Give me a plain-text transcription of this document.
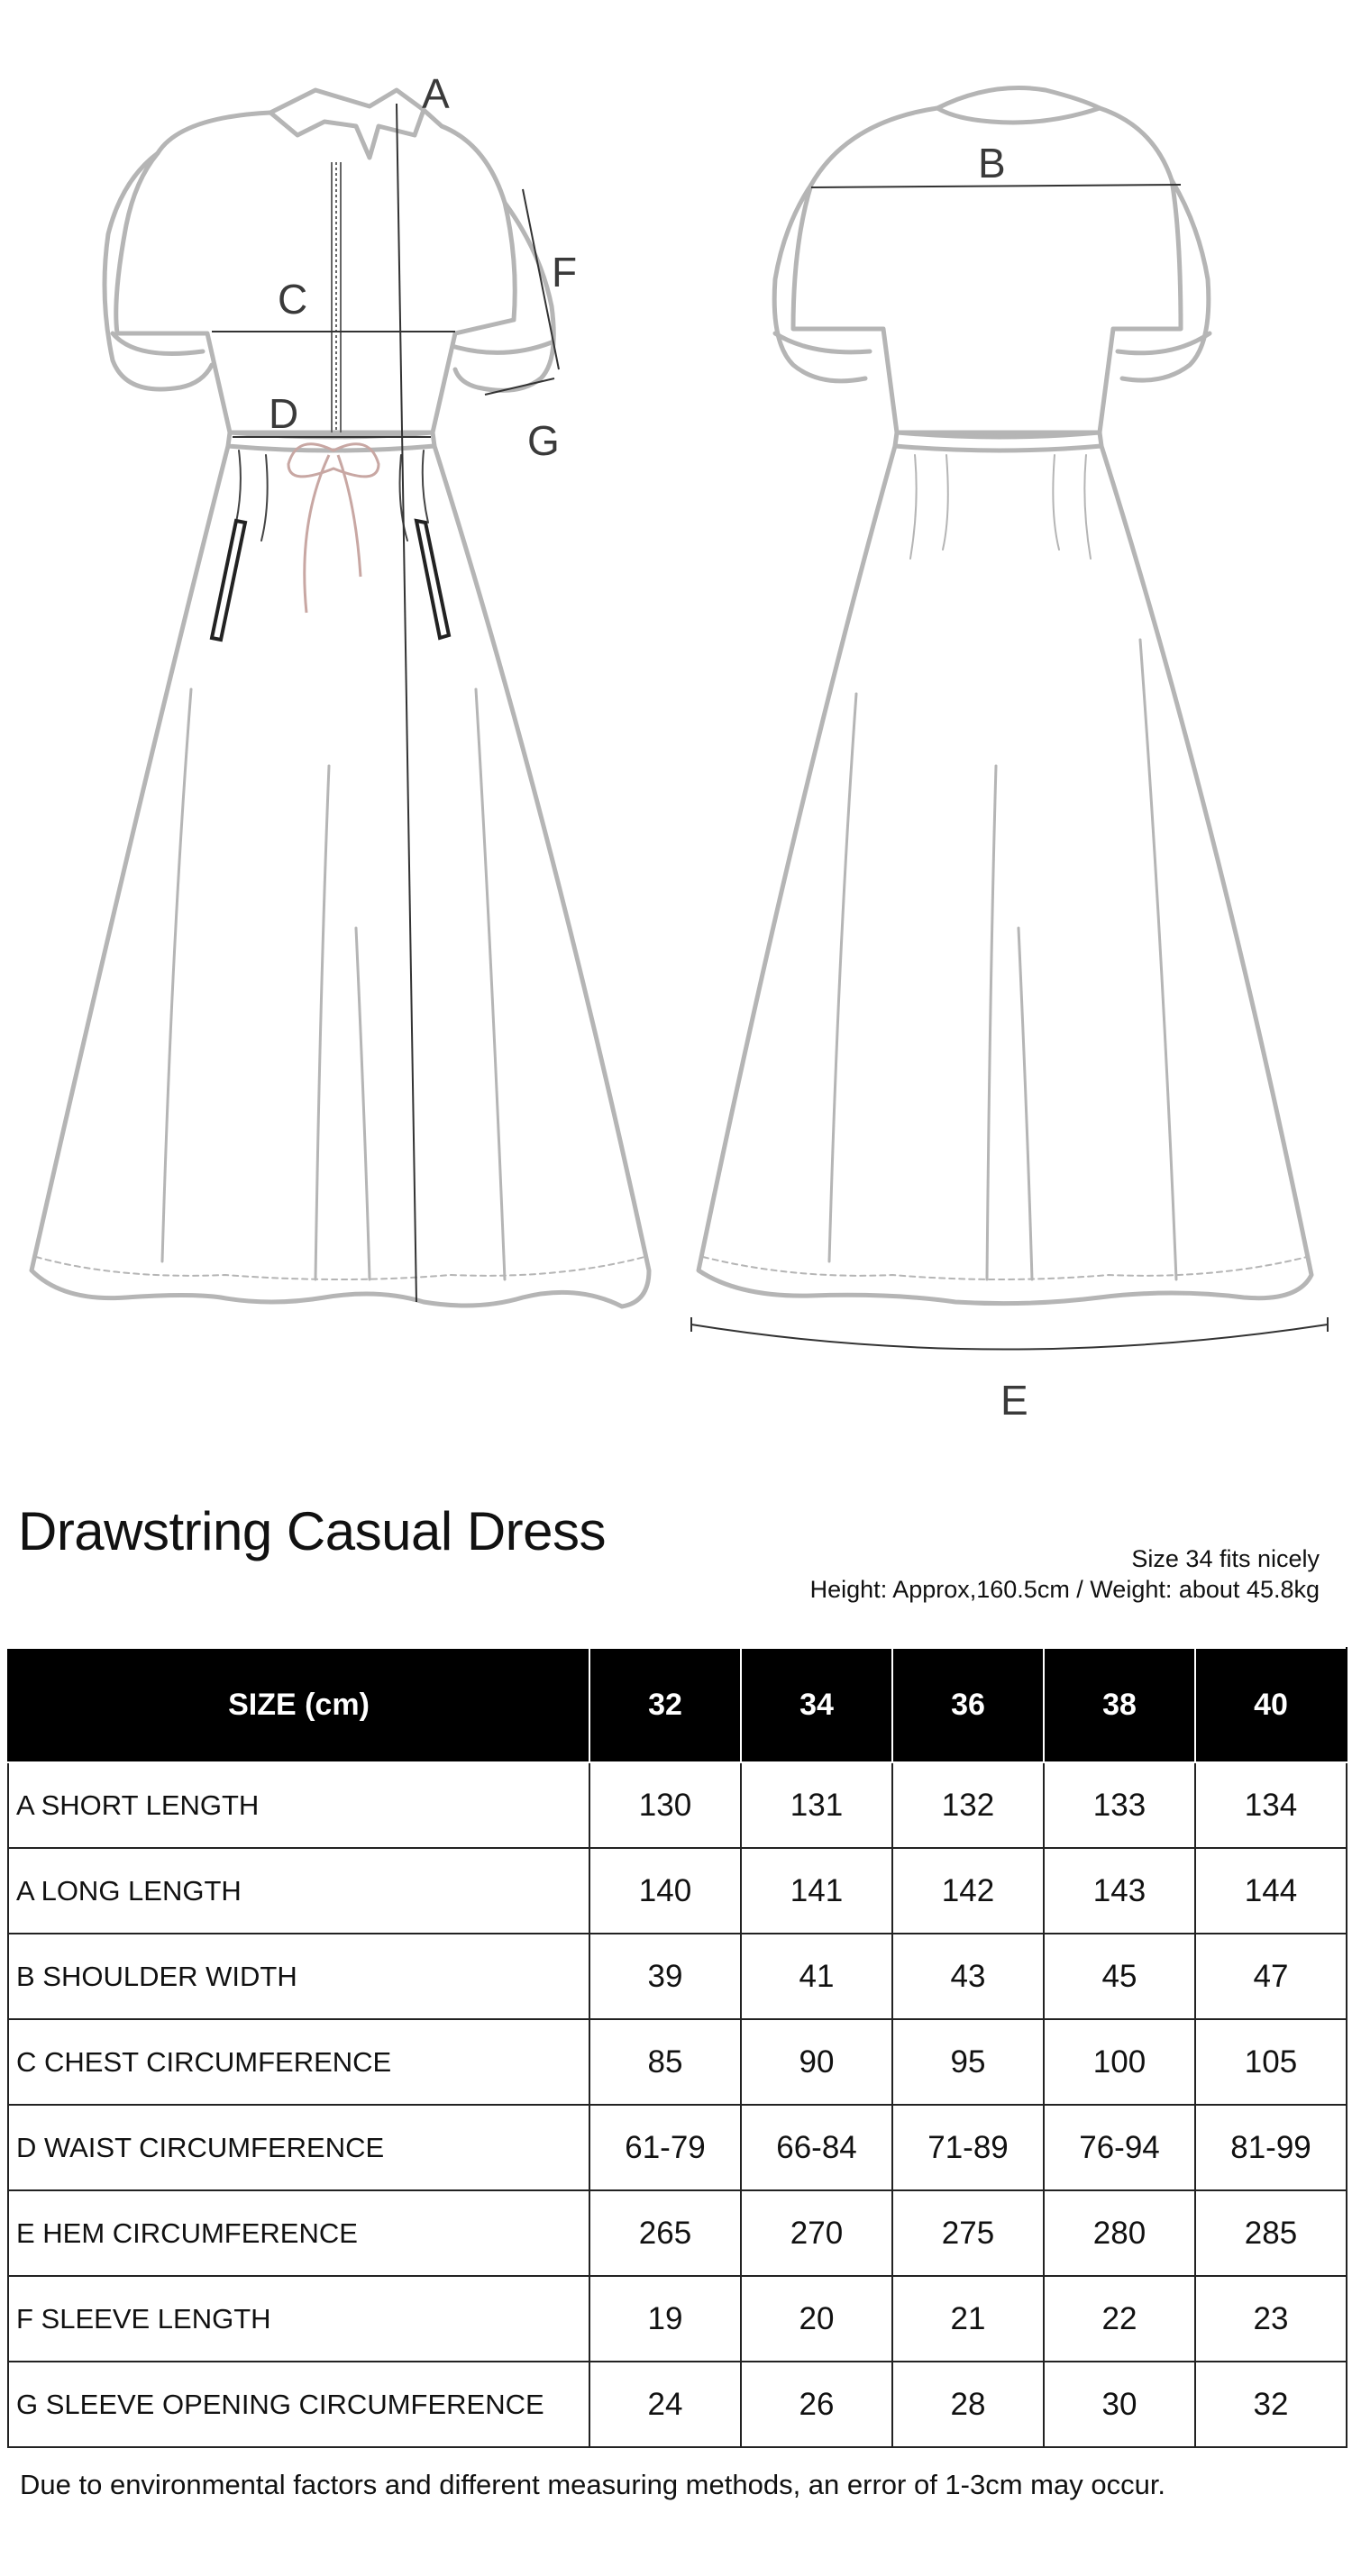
A
B
C
D
E
F
G
Drawstring Casual Dress	Size 34 fits nicely
Height: Approx,160.5cm / Weight: about 45.8kg
SIZE (cm)	32	34	36	38	40
A SHORT LENGTH	130	131	132	133	134
A LONG LENGTH	140	141	142	143	144
B SHOULDER WIDTH	39	41	43	45	47
C CHEST CIRCUMFERENCE	85	90	95	100	105
D WAIST CIRCUMFERENCE	61-79	66-84	71-89	76-94	81-99
E HEM CIRCUMFERENCE	265	270	275	280	285
F SLEEVE LENGTH	19	20	21	22	23
G SLEEVE OPENING CIRCUMFERENCE	24	26	28	30	32
Due to environmental factors and different measuring methods, an error of 1-3cm may occur.
